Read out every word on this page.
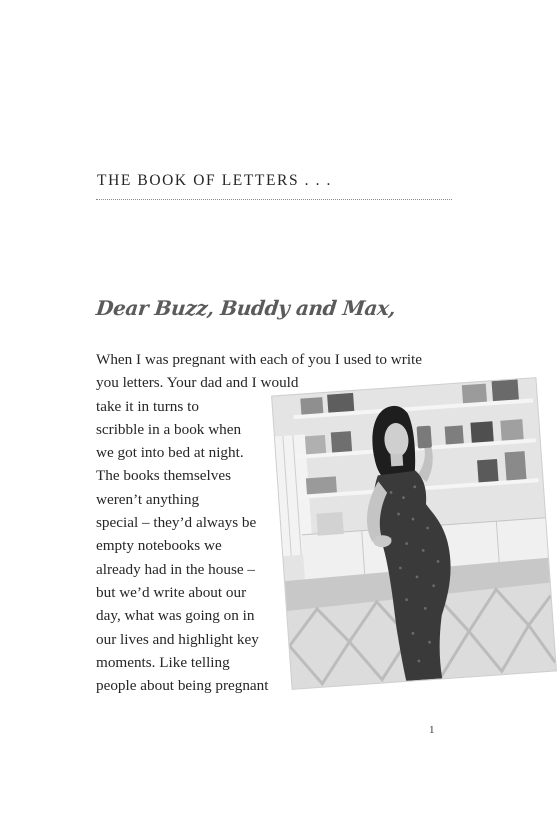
THE BOOK OF LETTERS . . .
Dear Buzz, Buddy and Max,
When I was pregnant with each of you I used to write
you letters. Your dad and I would
take it in turns to
scribble in a book when
we got into bed at night.
The books themselves
weren’t anything
special – they’d always be
empty notebooks we
already had in the house –
but we’d write about our
day, what was going on in
our lives and highlight key
moments. Like telling
people about being pregnant
1
